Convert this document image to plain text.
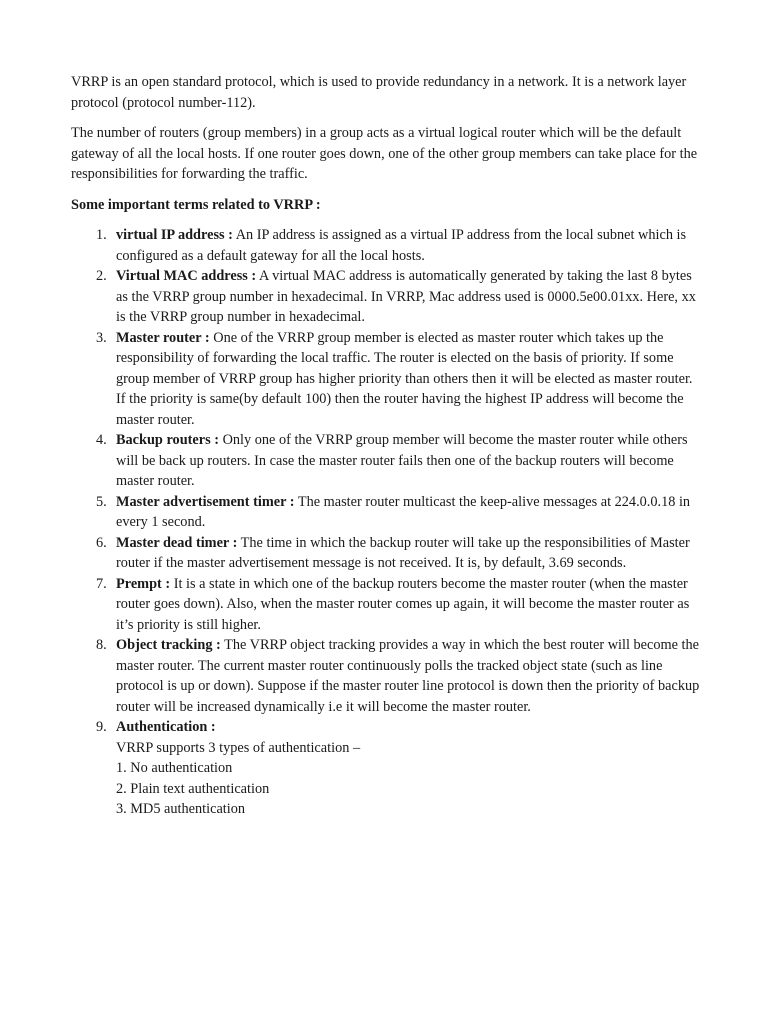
VRRP is an open standard protocol, which is used to provide redundancy in a network. It is a network layer protocol (protocol number-112).

The number of routers (group members) in a group acts as a virtual logical router which will be the default gateway of all the local hosts. If one router goes down, one of the other group members can take place for the responsibilities for forwarding the traffic.

Some important terms related to VRRP :
1. virtual IP address : An IP address is assigned as a virtual IP address from the local subnet which is configured as a default gateway for all the local hosts.
2. Virtual MAC address : A virtual MAC address is automatically generated by taking the last 8 bytes as the VRRP group number in hexadecimal. In VRRP, Mac address used is 0000.5e00.01xx. Here, xx is the VRRP group number in hexadecimal.
3. Master router : One of the VRRP group member is elected as master router which takes up the responsibility of forwarding the local traffic. The router is elected on the basis of priority. If some group member of VRRP group has higher priority than others then it will be elected as master router. If the priority is same(by default 100) then the router having the highest IP address will become the master router.
4. Backup routers : Only one of the VRRP group member will become the master router while others will be back up routers. In case the master router fails then one of the backup routers will become master router.
5. Master advertisement timer : The master router multicast the keep-alive messages at 224.0.0.18 in every 1 second.
6. Master dead timer : The time in which the backup router will take up the responsibilities of Master router if the master advertisement message is not received. It is, by default, 3.69 seconds.
7. Prempt : It is a state in which one of the backup routers become the master router (when the master router goes down). Also, when the master router comes up again, it will become the master router as it’s priority is still higher.
8. Object tracking : The VRRP object tracking provides a way in which the best router will become the master router. The current master router continuously polls the tracked object state (such as line protocol is up or down). Suppose if the master router line protocol is down then the priority of backup router will be increased dynamically i.e it will become the master router.
9. Authentication :
VRRP supports 3 types of authentication –
1. No authentication
2. Plain text authentication
3. MD5 authentication
